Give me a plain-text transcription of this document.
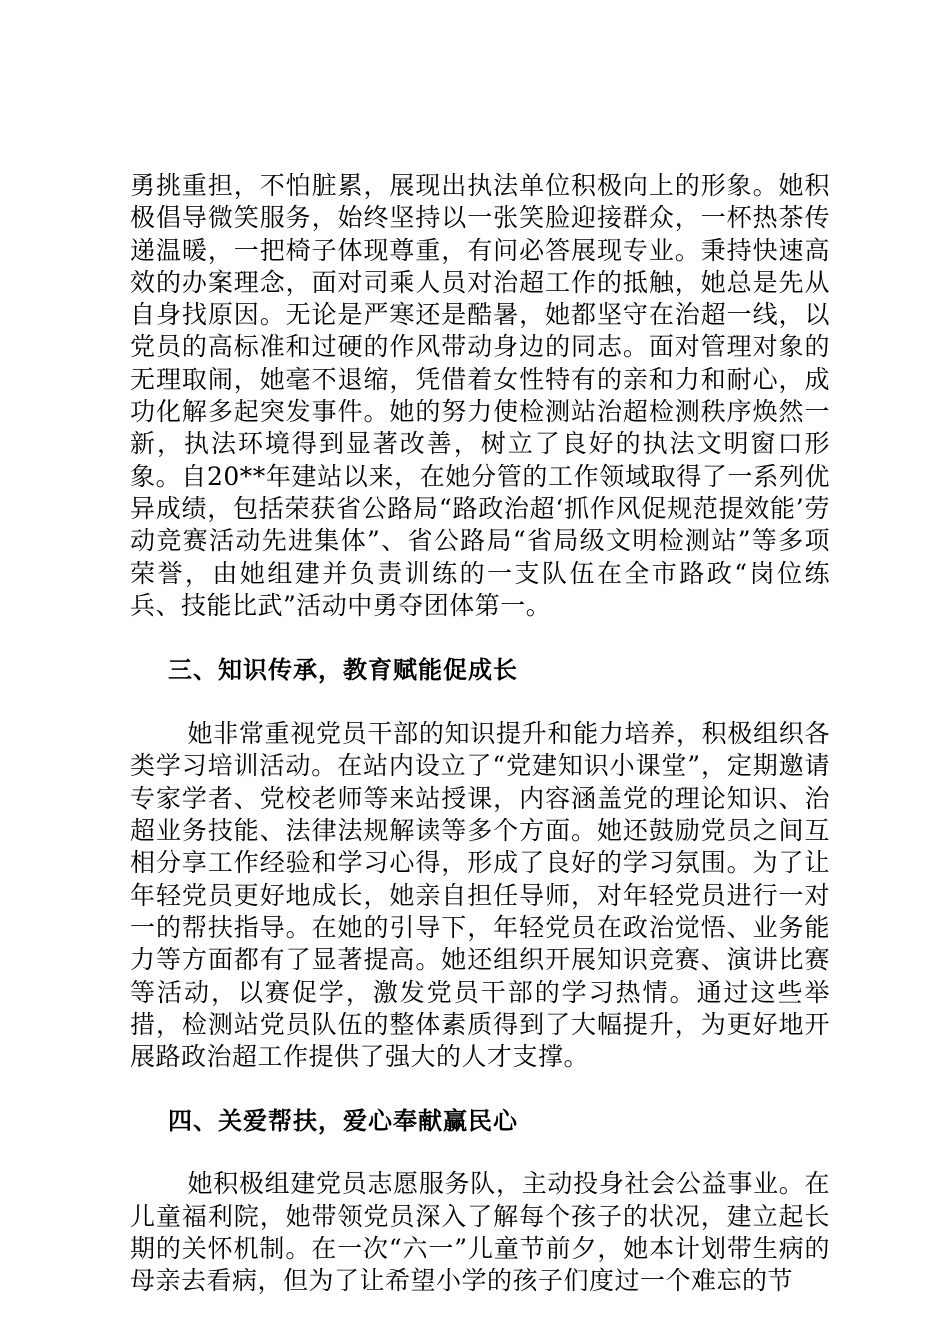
勇挑重担，不怕脏累，展现出执法单位积极向上的形象。她积极倡导微笑服务，始终坚持以一张笑脸迎接群众，一杯热茶传递温暖，一把椅子体现尊重，有问必答展现专业。秉持快速高效的办案理念，面对司乘人员对治超工作的抵触，她总是先从自身找原因。无论是严寒还是酷暑，她都坚守在治超一线，以党员的高标准和过硬的作风带动身边的同志。面对管理对象的无理取闹，她毫不退缩，凭借着女性特有的亲和力和耐心，成功化解多起突发事件。她的努力使检测站治超检测秩序焕然一新，执法环境得到显著改善，树立了良好的执法文明窗口形象。自20**年建站以来，在她分管的工作领域取得了一系列优异成绩，包括荣获省公路局“路政治超‘抓作风促规范提效能’劳动竞赛活动先进集体”、省公路局“省局级文明检测站”等多项荣誉，由她组建并负责训练的一支队伍在全市路政“岗位练兵、技能比武”活动中勇夺团体第一。

三、知识传承，教育赋能促成长

她非常重视党员干部的知识提升和能力培养，积极组织各类学习培训活动。在站内设立了“党建知识小课堂”，定期邀请专家学者、党校老师等来站授课，内容涵盖党的理论知识、治超业务技能、法律法规解读等多个方面。她还鼓励党员之间互相分享工作经验和学习心得，形成了良好的学习氛围。为了让年轻党员更好地成长，她亲自担任导师，对年轻党员进行一对一的帮扶指导。在她的引导下，年轻党员在政治觉悟、业务能力等方面都有了显著提高。她还组织开展知识竞赛、演讲比赛等活动，以赛促学，激发党员干部的学习热情。通过这些举措，检测站党员队伍的整体素质得到了大幅提升，为更好地开展路政治超工作提供了强大的人才支撑。

四、关爱帮扶，爱心奉献赢民心

她积极组建党员志愿服务队，主动投身社会公益事业。在儿童福利院，她带领党员深入了解每个孩子的状况，建立起长期的关怀机制。在一次“六一”儿童节前夕，她本计划带生病的母亲去看病，但为了让希望小学的孩子们度过一个难忘的节
